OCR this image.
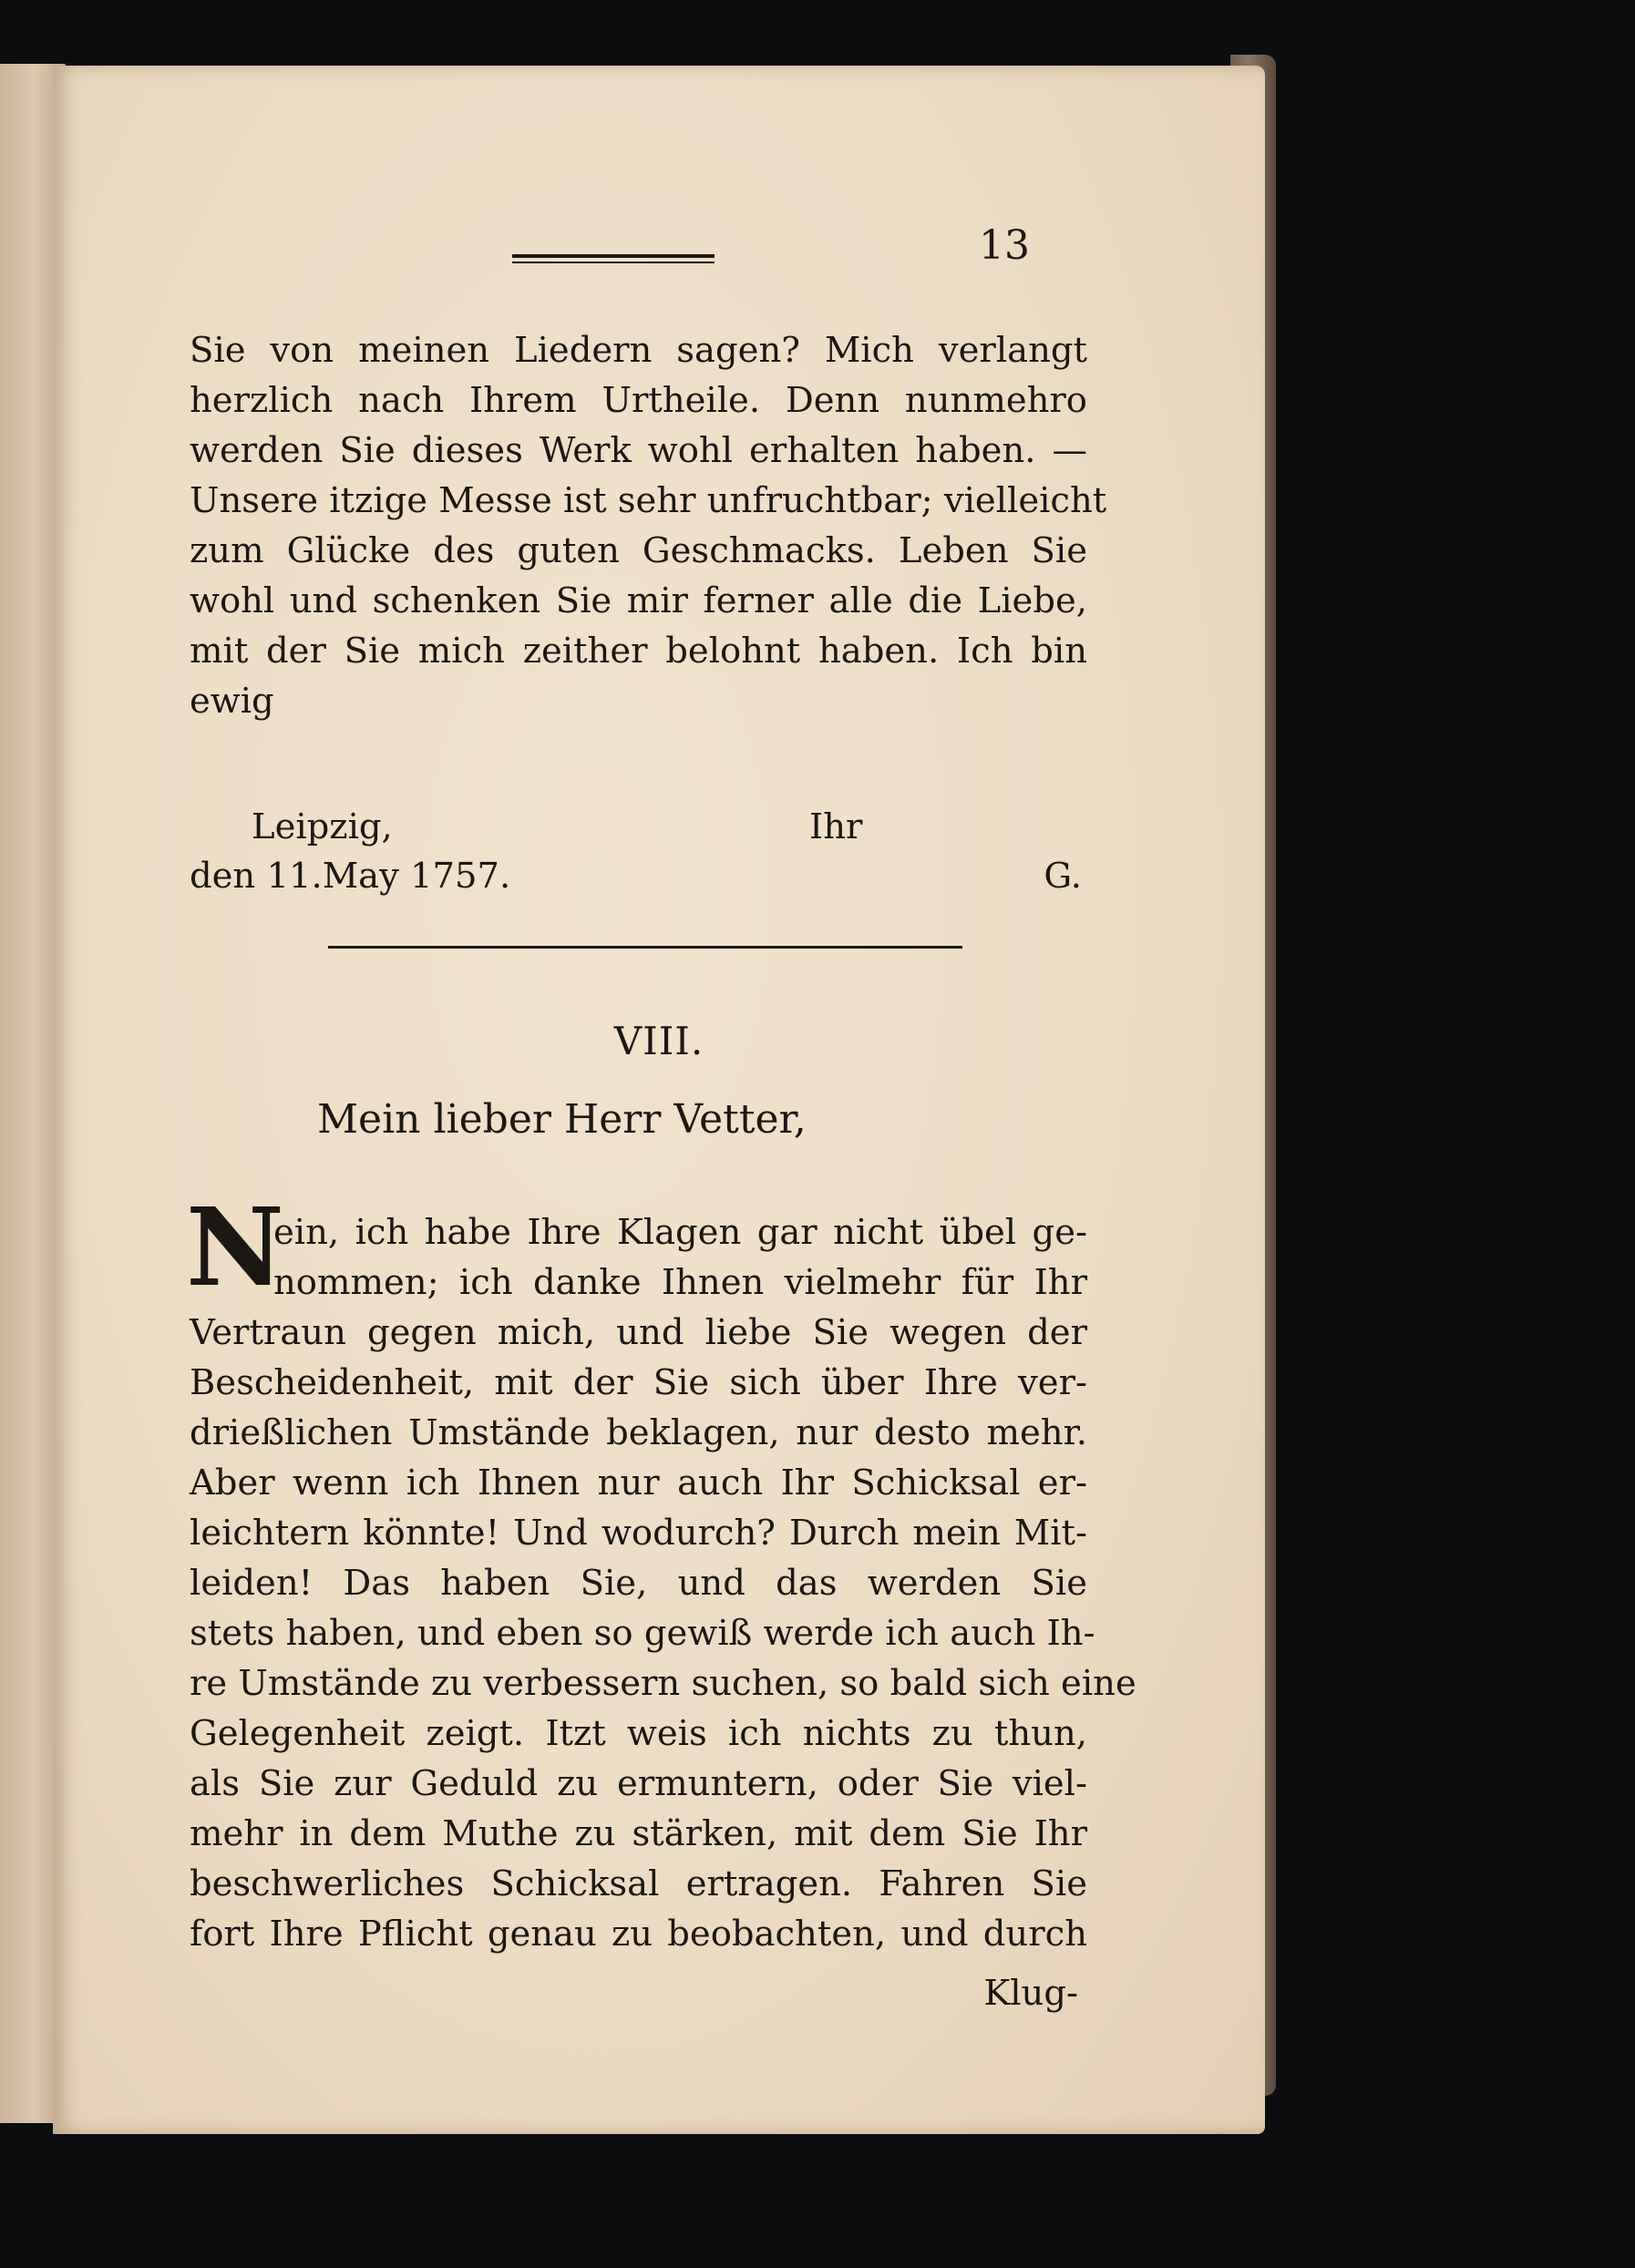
13
Sie von meinen Liedern sagen? Mich verlangt
herzlich nach Ihrem Urtheile. Denn nunmehro
werden Sie dieses Werk wohl erhalten haben. —
Unsere itzige Messe ist sehr unfruchtbar; vielleicht
zum Glücke des guten Geschmacks. Leben Sie
wohl und schenken Sie mir ferner alle die Liebe,
mit der Sie mich zeither belohnt haben. Ich bin
ewig
Leipzig,	Ihr
den 11.May 1757.	G.
VIII.
Mein lieber Herr Vetter,
N
ein, ich habe Ihre Klagen gar nicht übel ge-
nommen; ich danke Ihnen vielmehr für Ihr
Vertraun gegen mich, und liebe Sie wegen der
Bescheidenheit, mit der Sie sich über Ihre ver-
drießlichen Umstände beklagen, nur desto mehr.
Aber wenn ich Ihnen nur auch Ihr Schicksal er-
leichtern könnte! Und wodurch? Durch mein Mit-
leiden! Das haben Sie, und das werden Sie
stets haben, und eben so gewiß werde ich auch Ih-
re Umstände zu verbessern suchen, so bald sich eine
Gelegenheit zeigt. Itzt weis ich nichts zu thun,
als Sie zur Geduld zu ermuntern, oder Sie viel-
mehr in dem Muthe zu stärken, mit dem Sie Ihr
beschwerliches Schicksal ertragen. Fahren Sie
fort Ihre Pflicht genau zu beobachten, und durch
Klug-
